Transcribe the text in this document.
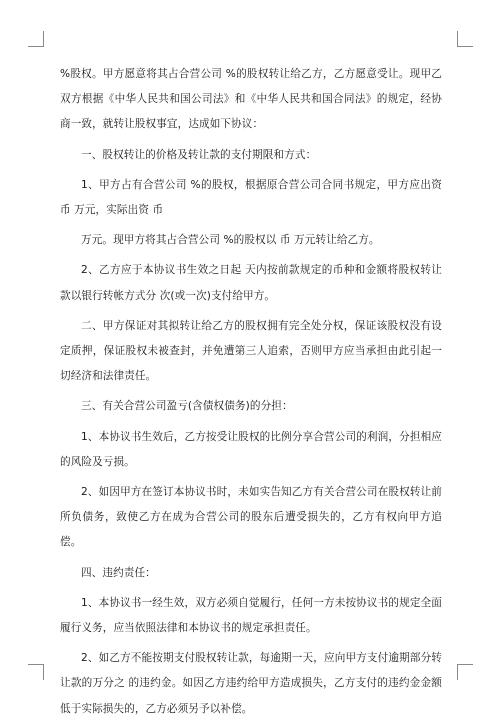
%股权。甲方愿意将其占合营公司 %的股权转让给乙方，乙方愿意受让。现甲乙双方根据《中华人民共和国公司法》和《中华人民共和国合同法》的规定，经协商一致，就转让股权事宜，达成如下协议：

一、股权转让的价格及转让款的支付期限和方式：

1、甲方占有合营公司 %的股权，根据原合营公司合同书规定，甲方应出资 币 万元，实际出资 币

万元。现甲方将其占合营公司 %的股权以 币 万元转让给乙方。

2、乙方应于本协议书生效之日起 天内按前款规定的币种和金额将股权转让款以银行转帐方式分 次(或一次)支付给甲方。

二、甲方保证对其拟转让给乙方的股权拥有完全处分权，保证该股权没有设定质押，保证股权未被查封，并免遭第三人追索，否则甲方应当承担由此引起一切经济和法律责任。

三、有关合营公司盈亏(含债权债务)的分担：

1、本协议书生效后，乙方按受让股权的比例分享合营公司的利润，分担相应的风险及亏损。

2、如因甲方在签订本协议书时，未如实告知乙方有关合营公司在股权转让前所负债务，致使乙方在成为合营公司的股东后遭受损失的，乙方有权向甲方追偿。

四、违约责任：

1、本协议书一经生效，双方必须自觉履行，任何一方未按协议书的规定全面履行义务，应当依照法律和本协议书的规定承担责任。

2、如乙方不能按期支付股权转让款，每逾期一天，应向甲方支付逾期部分转让款的万分之 的违约金。如因乙方违约给甲方造成损失，乙方支付的违约金金额低于实际损失的，乙方必须另予以补偿。
